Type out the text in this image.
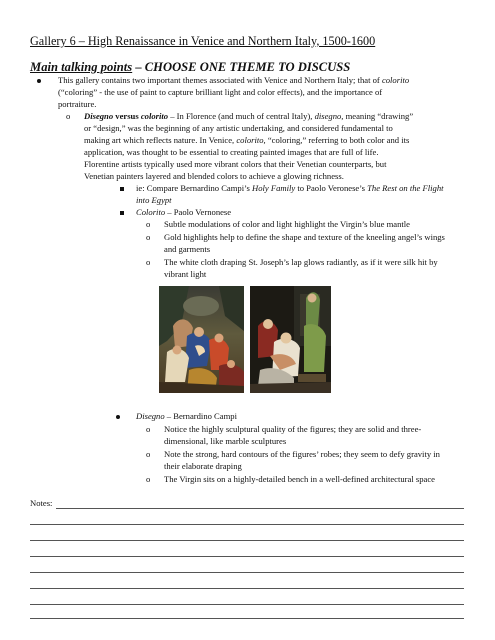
Gallery 6 – High Renaissance in Venice and Northern Italy, 1500-1600
Main talking points – CHOOSE ONE THEME TO DISCUSS
This gallery contains two important themes associated with Venice and Northern Italy; that of colorito
(“coloring” - the use of paint to capture brilliant light and color effects), and the importance of
portraiture.
o Disegno versus colorito – In Florence (and much of central Italy), disegno, meaning “drawing”
or “design,” was the beginning of any artistic undertaking, and considered fundamental to
making art which reflects nature. In Venice, colorito, “coloring,” referring to both color and its
application, was thought to be essential to creating painted images that are full of life.
Florentine artists typically used more vibrant colors that their Venetian counterparts, but
Venetian painters layered and blended colors to achieve a glowing richness.
ie: Compare Bernardino Campi’s Holy Family to Paolo Veronese’s The Rest on the Flight
into Egypt
Colorito – Paolo Vernonese
o Subtle modulations of color and light highlight the Virgin’s blue mantle
o Gold highlights help to define the shape and texture of the kneeling angel’s wings
and garments
o The white cloth draping St. Joseph’s lap glows radiantly, as if it were silk hit by
vibrant light
Disegno – Bernardino Campi
o Notice the highly sculptural quality of the figures; they are solid and three-
dimensional, like marble sculptures
o Note the strong, hard contours of the figures’ robes; they seem to defy gravity in
their elaborate draping
o The Virgin sits on a highly-detailed bench in a well-defined architectural space
Notes:
